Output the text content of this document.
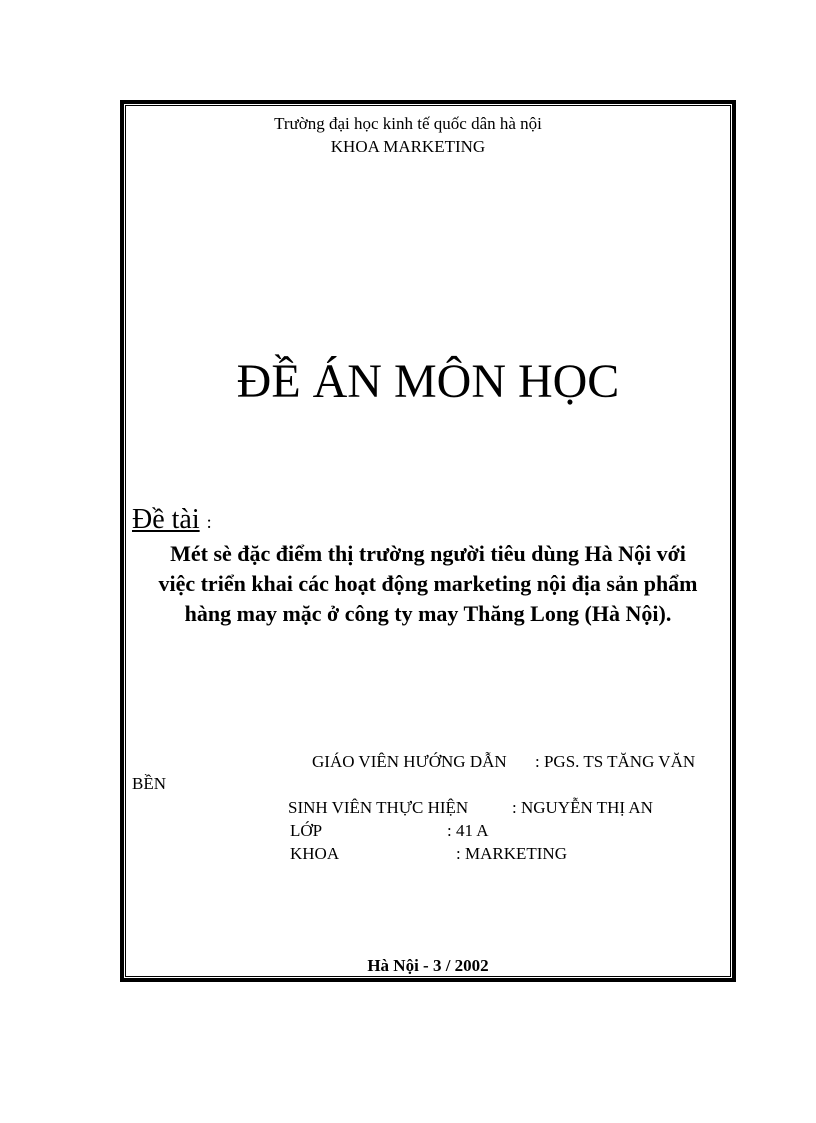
Trường đại học kinh tế quốc dân hà nội
KHOA MARKETING
ĐỀ ÁN MÔN HỌC
Đề tài :
Mét sè đặc điểm thị trường người tiêu dùng Hà Nội với
việc triển khai các hoạt động marketing nội địa sản phẩm
hàng may mặc ở công ty may Thăng Long (Hà Nội).
GIÁO VIÊN HƯỚNG DẪN : PGS. TS TĂNG VĂN
BỀN
SINH VIÊN THỰC HIỆN	: NGUYỄN THỊ AN
LỚP	: 41 A
KHOA	: MARKETING
Hà Nội - 3 / 2002
